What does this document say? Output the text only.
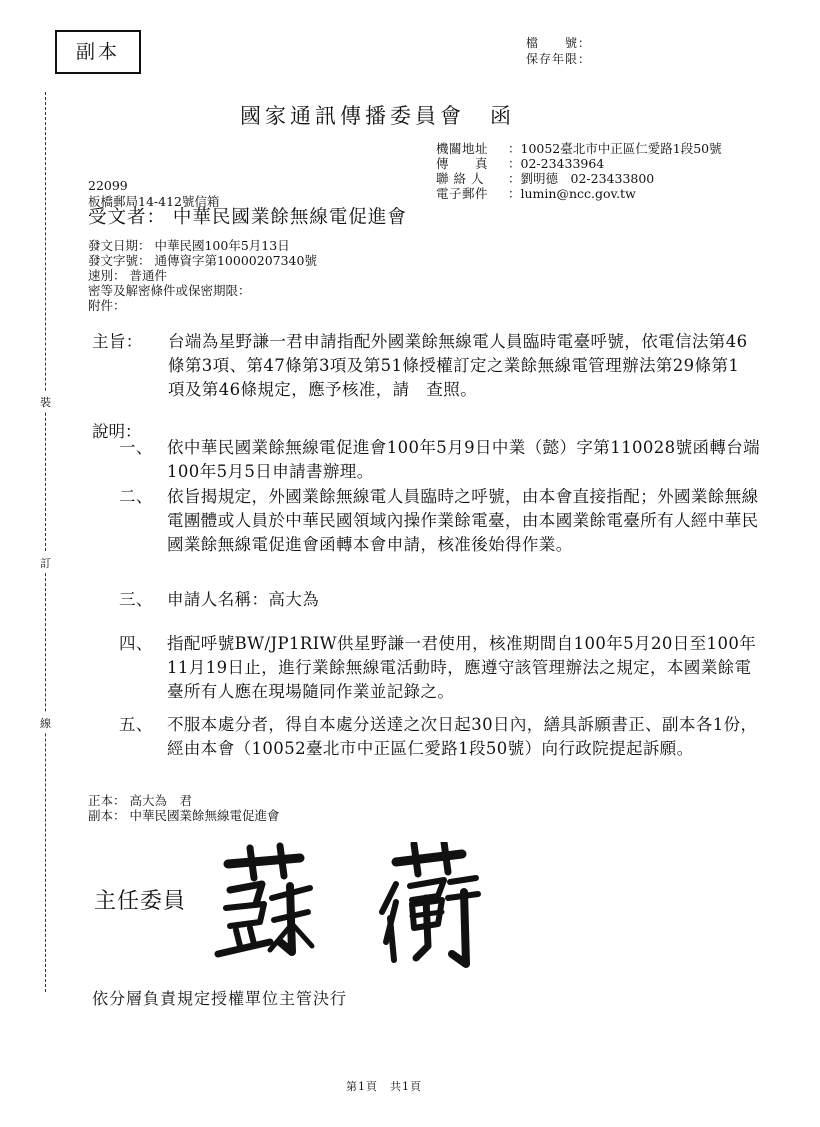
副本	檔　　號：
保存年限：
裝
訂
線
國家通訊傳播委員會　函
機關地址 ：10052臺北市中正區仁愛路1段50號
傳　　真 ：02-23433964
聯 絡 人 ：劉明德　02-23433800
電子郵件 ：lumin@ncc.gov.tw
22099
板橋郵局14-412號信箱
受文者： 中華民國業餘無線電促進會
發文日期： 中華民國100年5月13日
發文字號： 通傳資字第10000207340號
速別： 普通件
密等及解密條件或保密期限：
附件：
主旨： 台端為星野謙一君申請指配外國業餘無線電人員臨時電臺呼號，依電信法第46條第3項、第47條第3項及第51條授權訂定之業餘無線電管理辦法第29條第1項及第46條規定，應予核准，請　查照。
說明：
一、 依中華民國業餘無線電促進會100年5月9日中業（懿）字第110028號函轉台端100年5月5日申請書辦理。
二、 依旨揭規定，外國業餘無線電人員臨時之呼號，由本會直接指配；外國業餘無線電團體或人員於中華民國領域內操作業餘電臺，由本國業餘電臺所有人經中華民國業餘無線電促進會函轉本會申請，核准後始得作業。
三、 申請人名稱：高大為
四、 指配呼號BW/JP1RIW供星野謙一君使用，核准期間自100年5月20日至100年11月19日止，進行業餘無線電活動時，應遵守該管理辦法之規定，本國業餘電臺所有人應在現場隨同作業並記錄之。
五、 不服本處分者，得自本處分送達之次日起30日內，繕具訴願書正、副本各1份，經由本會（10052臺北市中正區仁愛路1段50號）向行政院提起訴願。
正本： 高大為　君
副本： 中華民國業餘無線電促進會
主任委員
依分層負責規定授權單位主管決行
第1頁　共1頁
